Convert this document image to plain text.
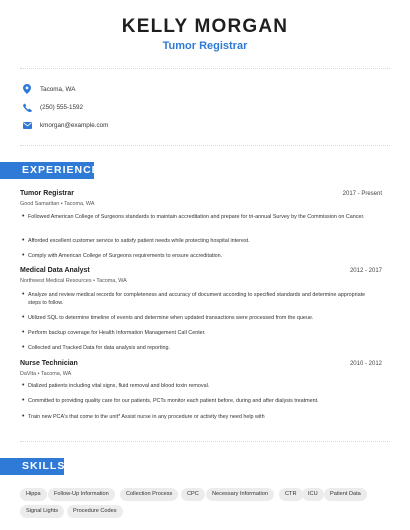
KELLY MORGAN
Tumor Registrar
Tacoma, WA
(250) 555-1592
kmorgan@example.com
EXPERIENCE
Tumor Registrar	2017 - Present
Good Samaritan • Tacoma, WA
• Followed American College of Surgeons standards to maintain accreditation and prepare for tri-annual Survey by the Commission on Cancer.
• Afforded excellent customer service to satisfy patient needs while protecting hospital interest.
• Comply with American College of Surgeons requirements to ensure accreditation.
Medical Data Analyst	2012 - 2017
Northwest Medical Resources • Tacoma, WA
• Analyze and review medical records for completeness and accuracy of document according to specified standards and determine appropriate steps to follow.
• Utilized SQL to determine timeline of events and determine when updated transactions were processed from the queue.
• Perform backup coverage for Health Information Management Call Center.
• Collected and Tracked Data for data analysis and reporting.
Nurse Technician	2010 - 2012
DaVita • Tacoma, WA
• Dialized patients including vital signs, fluid removal and blood toxin removal.
• Committed to providing quality care for our patients, PCTs monitor each patient before, during and after dialysis treatment.
• Train new PCA's that come to the unit* Assist nurse in any procedure or activity they need help with
SKILLS
Hippa	Follow-Up Information	Collection Process	CPC	Necessary Information	CTR	ICU	Patient Data
Signal Lights	Procedure Codes
